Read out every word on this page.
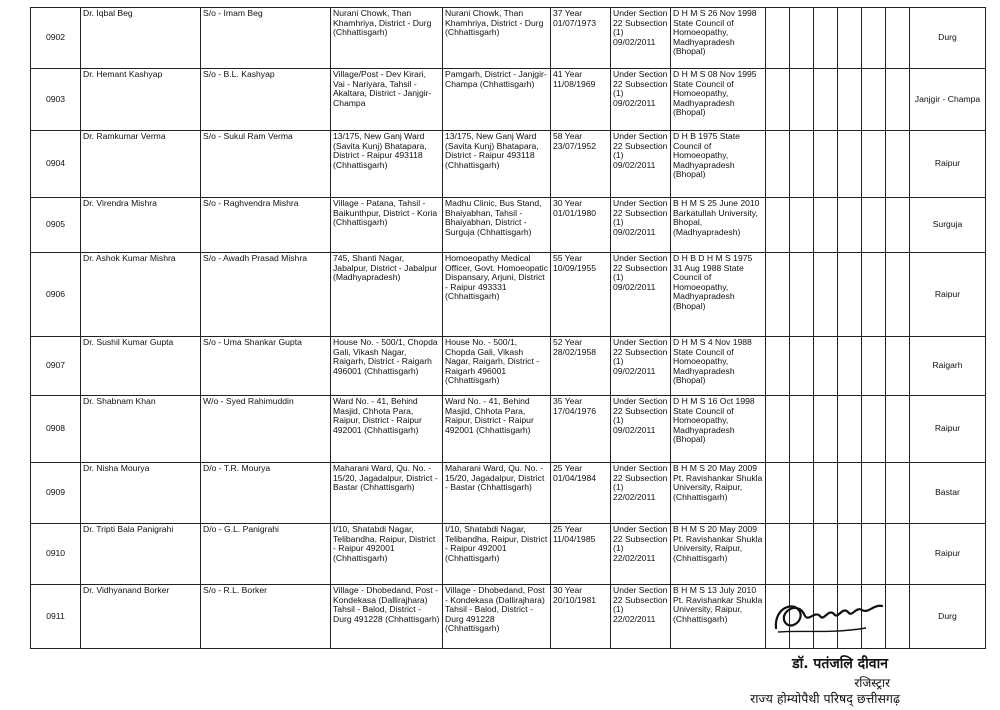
0902	Dr. Iqbal Beg	S/o - Imam Beg	Nurani Chowk, Than Khamhriya, District - Durg (Chhattisgarh)	Nurani Chowk, Than Khamhriya, District - Durg (Chhattisgarh)	37 Year 01/07/1973	Under Section 22 Subsection (1) 09/02/2011	D H M S 26 Nov 1998 State Council of Homoeopathy, Madhyapradesh (Bhopal)							Durg
0903	Dr. Hemant Kashyap	S/o - B.L. Kashyap	Village/Post - Dev Kirari, Vai - Nariyara, Tahsil - Akaltara, District - Janjgir-Champa	Pamgarh, District - Janjgir-Champa (Chhattisgarh)	41 Year 11/08/1969	Under Section 22 Subsection (1) 09/02/2011	D H M S 08 Nov 1995 State Council of Homoeopathy, Madhyapradesh (Bhopal)							Janjgir - Champa
0904	Dr. Ramkumar Verma	S/o - Sukul Ram Verma	13/175, New Ganj Ward (Savita Kunj) Bhatapara, District - Raipur 493118 (Chhattisgarh)	13/175, New Ganj Ward (Savita Kunj) Bhatapara, District - Raipur 493118 (Chhattisgarh)	58 Year 23/07/1952	Under Section 22 Subsection (1) 09/02/2011	D H B 1975 State Council of Homoeopathy, Madhyapradesh (Bhopal)							Raipur
0905	Dr. Virendra Mishra	S/o - Raghvendra Mishra	Village - Patana, Tahsil - Baikunthpur, District - Koria (Chhattisgarh)	Madhu Clinic, Bus Stand, Bhaiyabhan, Tahsil - Bhaiyabhan, District - Surguja (Chhattisgarh)	30 Year 01/01/1980	Under Section 22 Subsection (1) 09/02/2011	B H M S 25 June 2010 Barkatullah University, Bhopal, (Madhyapradesh)							Surguja
0906	Dr. Ashok Kumar Mishra	S/o - Awadh Prasad Mishra	745, Shanti Nagar, Jabalpur, District - Jabalpur (Madhyapradesh)	Homoeopathy Medical Officer, Govt. Homoeopatic Dispansary, Arjuni, District - Raipur 493331 (Chhattisgarh)	55 Year 10/09/1955	Under Section 22 Subsection (1) 09/02/2011	D H B D H M S 1975 31 Aug 1988 State Council of Homoeopathy, Madhyapradesh (Bhopal)							Raipur
0907	Dr. Sushil Kumar Gupta	S/o - Uma Shankar Gupta	House No. - 500/1, Chopda Gali, Vikash Nagar, Raigarh, District - Raigarh 496001 (Chhattisgarh)	House No. - 500/1, Chopda Gali, Vikash Nagar, Raigarh, District - Raigarh 496001 (Chhattisgarh)	52 Year 28/02/1958	Under Section 22 Subsection (1) 09/02/2011	D H M S 4 Nov 1988 State Council of Homoeopathy, Madhyapradesh (Bhopal)							Raigarh
0908	Dr. Shabnam Khan	W/o - Syed Rahimuddin	Ward No. - 41, Behind Masjid, Chhota Para, Raipur, District - Raipur 492001 (Chhattisgarh)	Ward No. - 41, Behind Masjid, Chhota Para, Raipur, District - Raipur 492001 (Chhattisgarh)	35 Year 17/04/1976	Under Section 22 Subsection (1) 09/02/2011	D H M S 16 Oct 1998 State Council of Homoeopathy, Madhyapradesh (Bhopal)							Raipur
0909	Dr. Nisha Mourya	D/o - T.R. Mourya	Maharani Ward, Qu. No. - 15/20, Jagadalpur, District - Bastar (Chhattisgarh)	Maharani Ward, Qu. No. - 15/20, Jagadalpur, District - Bastar (Chhattisgarh)	25 Year 01/04/1984	Under Section 22 Subsection (1) 22/02/2011	B H M S 20 May 2009 Pt. Ravishankar Shukla University, Raipur, (Chhattisgarh)							Bastar
0910	Dr. Tripti Bala Panigrahi	D/o - G.L. Panigrahi	I/10, Shatabdi Nagar, Telibandha, Raipur, District - Raipur 492001 (Chhattisgarh)	I/10, Shatabdi Nagar, Telibandha, Raipur, District - Raipur 492001 (Chhattisgarh)	25 Year 11/04/1985	Under Section 22 Subsection (1) 22/02/2011	B H M S 20 May 2009 Pt. Ravishankar Shukla University, Raipur, (Chhattisgarh)							Raipur
0911	Dr. Vidhyanand Borker	S/o - R.L. Borker	Village - Dhobedand, Post - Kondekasa (Dallirajhara) Tahsil - Balod, District - Durg 491228 (Chhattisgarh)	Village - Dhobedand, Post - Kondekasa (Dallirajhara) Tahsil - Balod, District - Durg 491228 (Chhattisgarh)	30 Year 20/10/1981	Under Section 22 Subsection (1) 22/02/2011	B H M S 13 July 2010 Pt. Ravishankar Shukla University, Raipur, (Chhattisgarh)							Durg
डॉ. पतंजलि दीवान
रजिस्ट्रार
राज्य होम्योपैथी परिषद् छत्तीसगढ़
